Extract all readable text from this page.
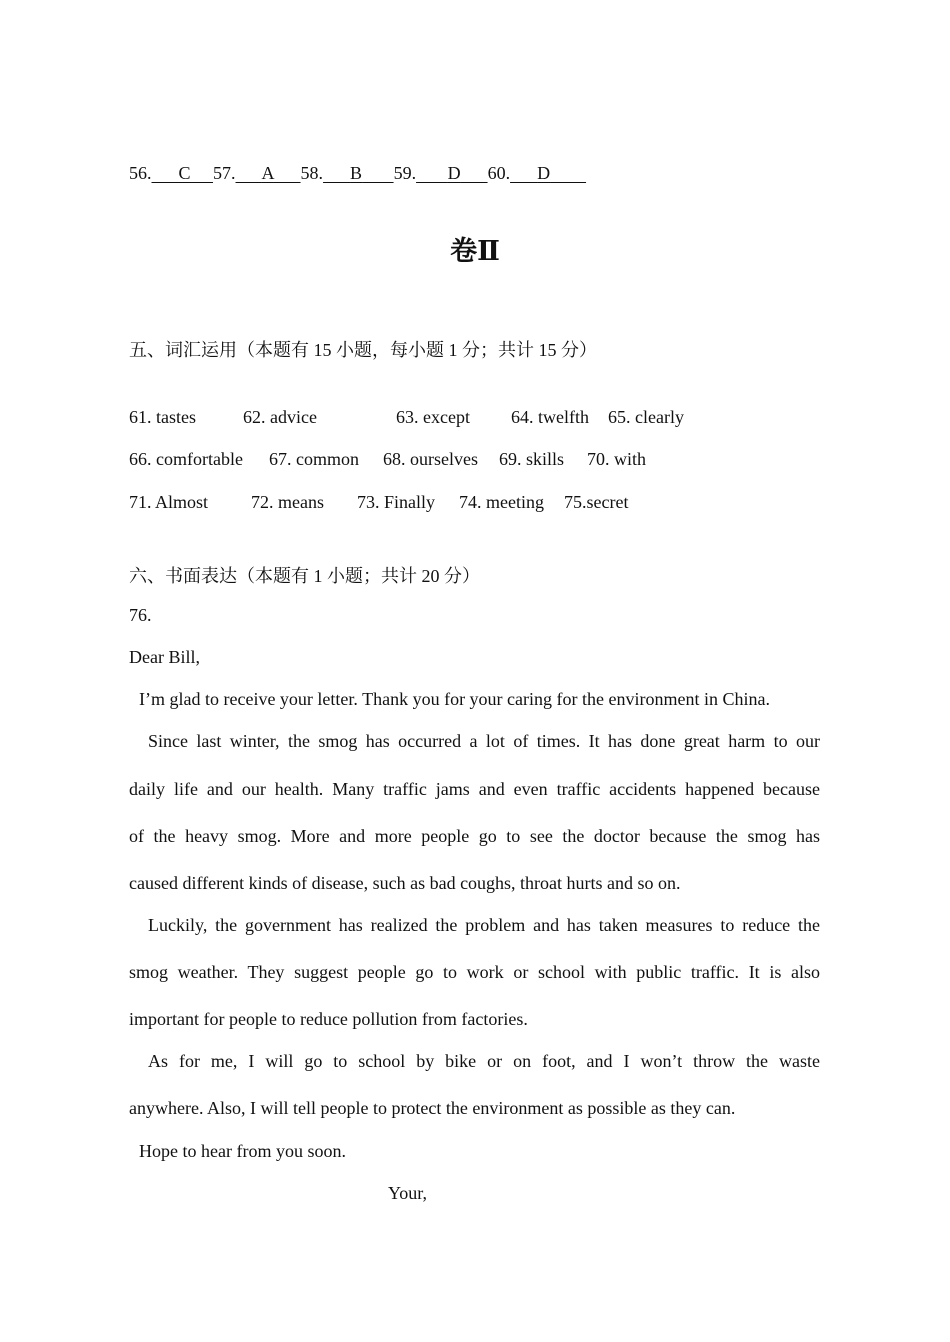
56. C 57. A 58. B 59. D 60. D
卷Ⅱ
五、词汇运用（本题有 15 小题，每小题 1 分；共计 15 分）
61. tastes	62. advice	63. except 64. twelfth 65. clearly
66. comfortable 67. common 68. ourselves 69. skills 70. with
71. Almost 72. means 73. Finally 74. meeting 75.secret
六、书面表达（本题有 1 小题；共计 20 分）
76.
Dear Bill,
I’m glad to receive your letter. Thank you for your caring for the environment in China.
Since last winter, the smog has occurred a lot of times. It has done great harm to our
daily life and our health. Many traffic jams and even traffic accidents happened because
of the heavy smog. More and more people go to see the doctor because the smog has
caused different kinds of disease, such as bad coughs, throat hurts and so on.
Luckily, the government has realized the problem and has taken measures to reduce the
smog weather. They suggest people go to work or school with public traffic. It is also
important for people to reduce pollution from factories.
As for me, I will go to school by bike or on foot, and I won’t throw the waste
anywhere. Also, I will tell people to protect the environment as possible as they can.
Hope to hear from you soon.
Your,
